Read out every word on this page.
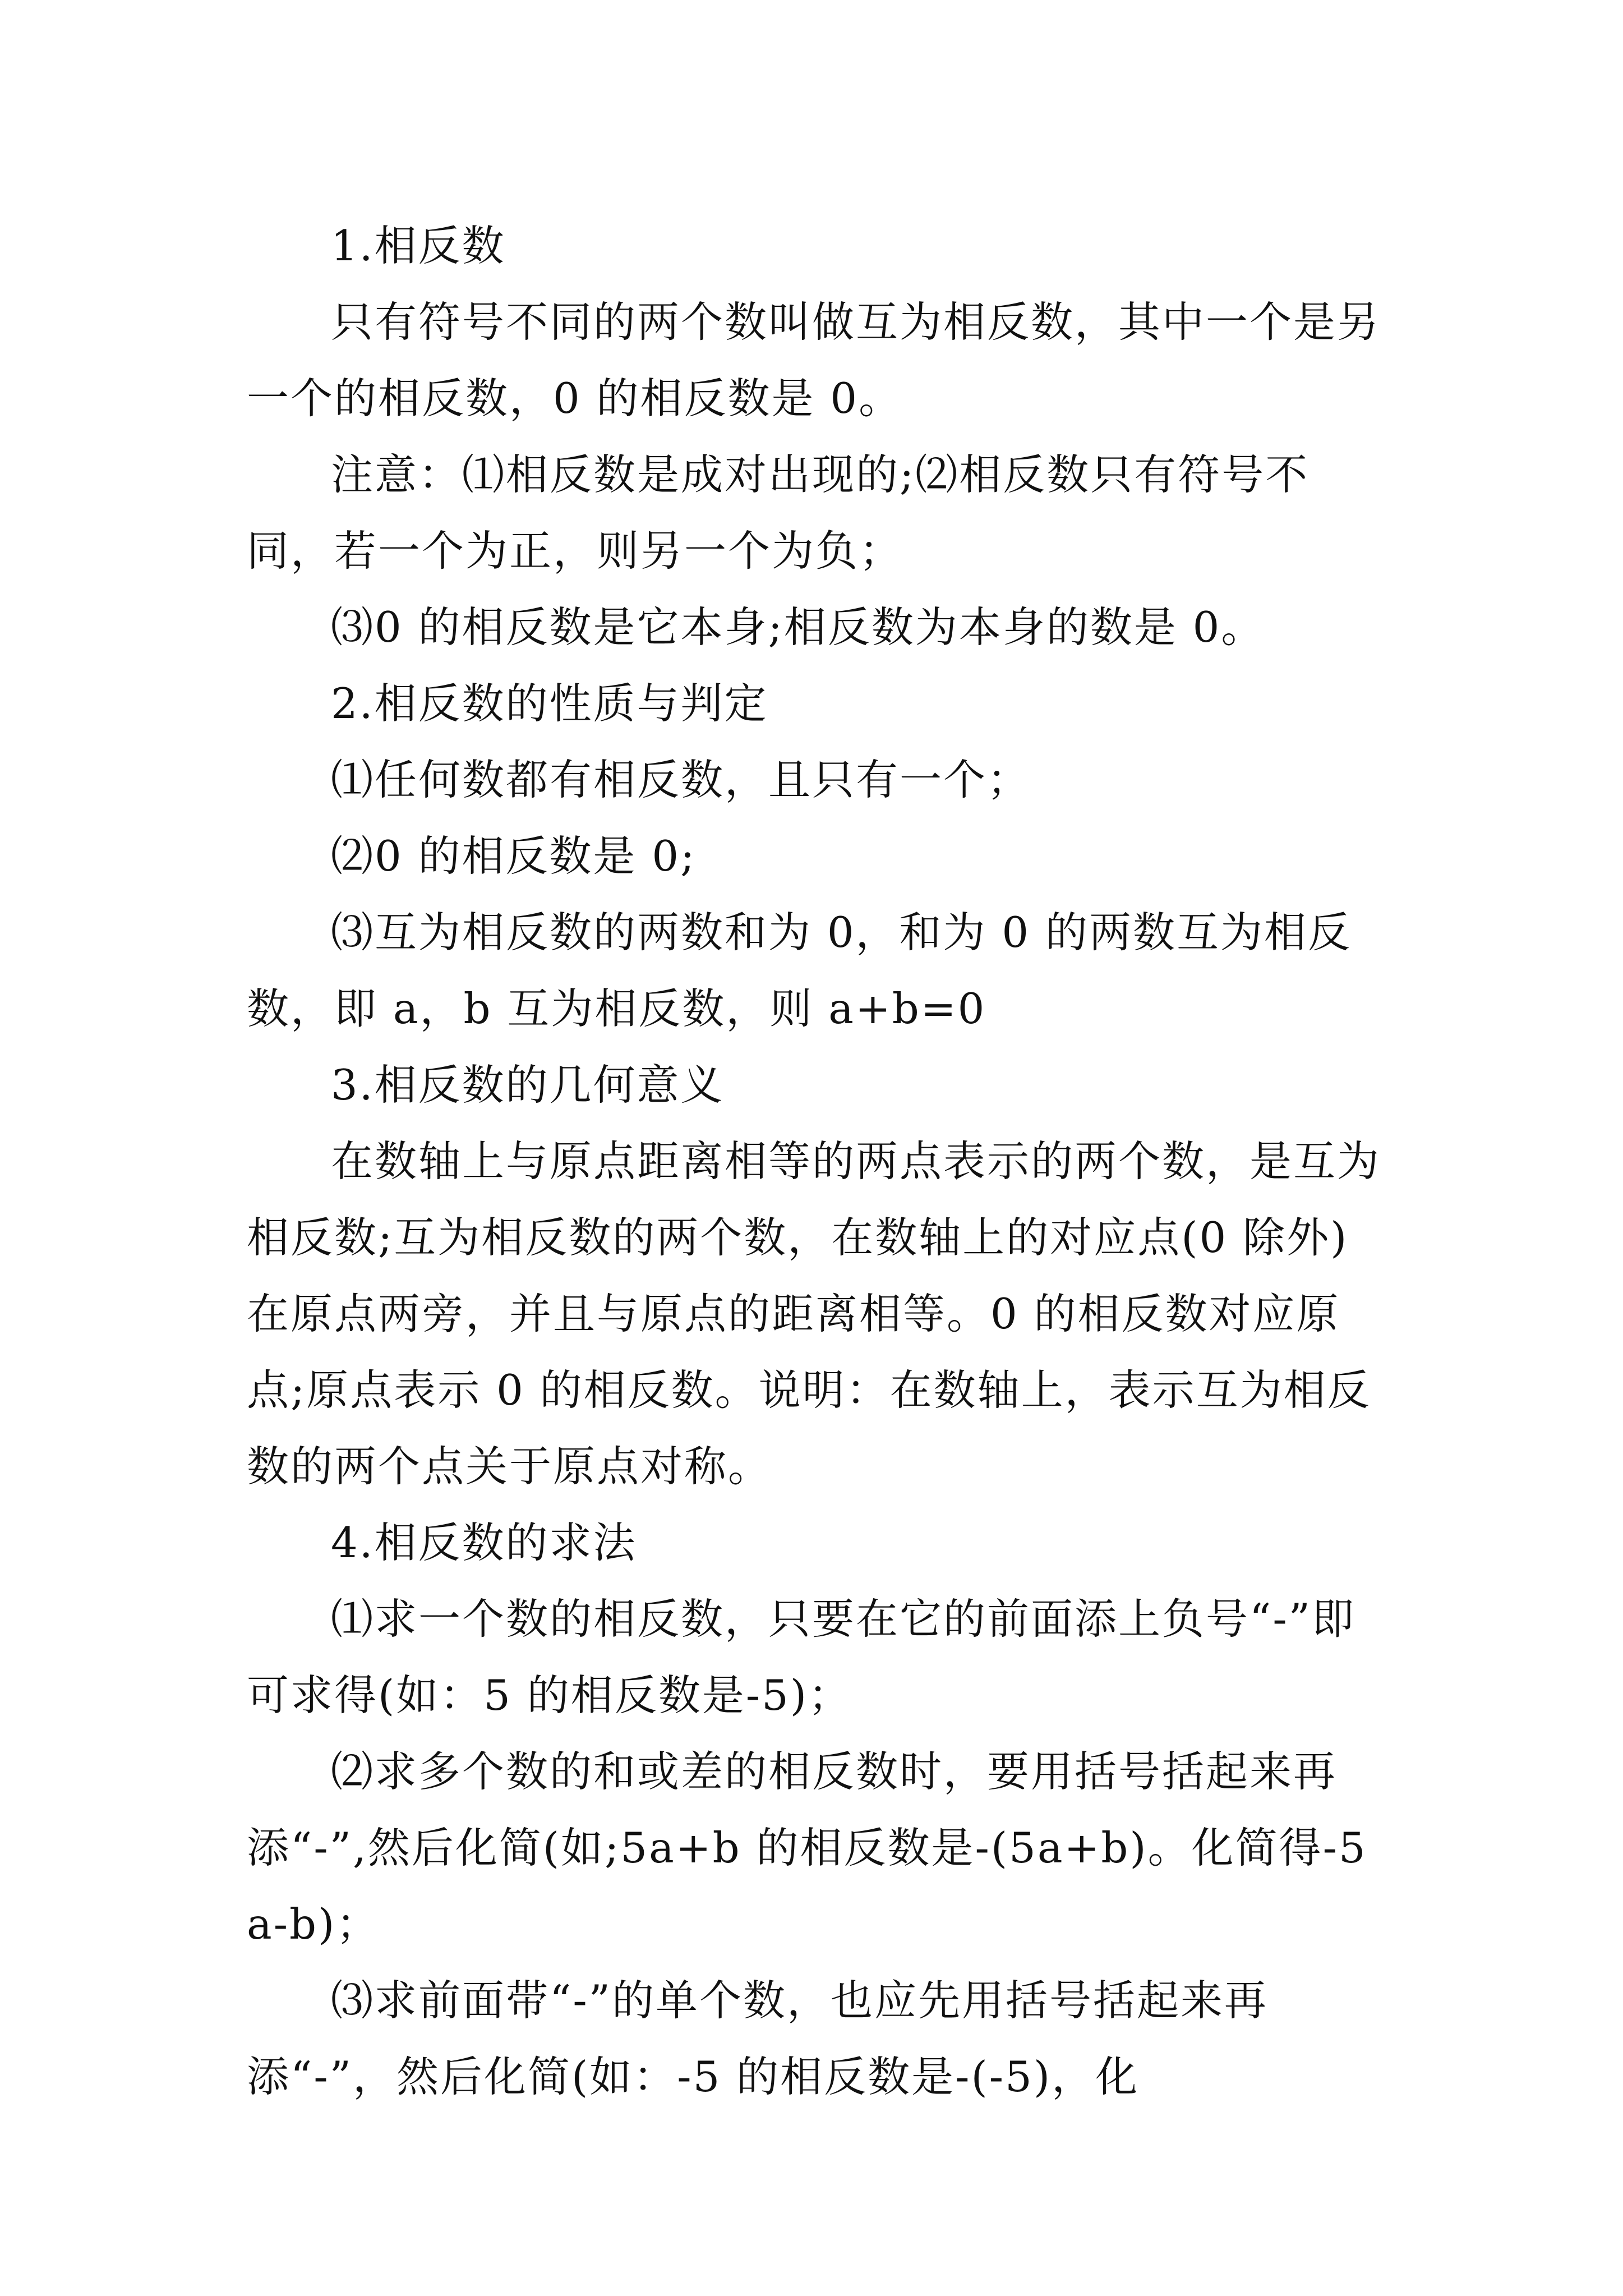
1.相反数

只有符号不同的两个数叫做互为相反数，其中一个是另一个的相反数，0 的相反数是 0。

注意：⑴相反数是成对出现的;⑵相反数只有符号不同，若一个为正，则另一个为负；

⑶0 的相反数是它本身;相反数为本身的数是 0。

2.相反数的性质与判定

⑴任何数都有相反数，且只有一个；

⑵0 的相反数是 0;

⑶互为相反数的两数和为 0，和为 0 的两数互为相反数，即 a，b 互为相反数，则 a+b=0

3.相反数的几何意义

在数轴上与原点距离相等的两点表示的两个数，是互为相反数;互为相反数的两个数，在数轴上的对应点(0 除外)在原点两旁，并且与原点的距离相等。0 的相反数对应原点;原点表示 0 的相反数。说明：在数轴上，表示互为相反数的两个点关于原点对称。

4.相反数的求法

⑴求一个数的相反数，只要在它的前面添上负号“-”即可求得(如：5 的相反数是-5)；

⑵求多个数的和或差的相反数时，要用括号括起来再添“-”,然后化简(如;5a+b 的相反数是-(5a+b)。化简得-5a-b)；

⑶求前面带“-”的单个数，也应先用括号括起来再添“-”，然后化简(如：-5 的相反数是-(-5)，化
